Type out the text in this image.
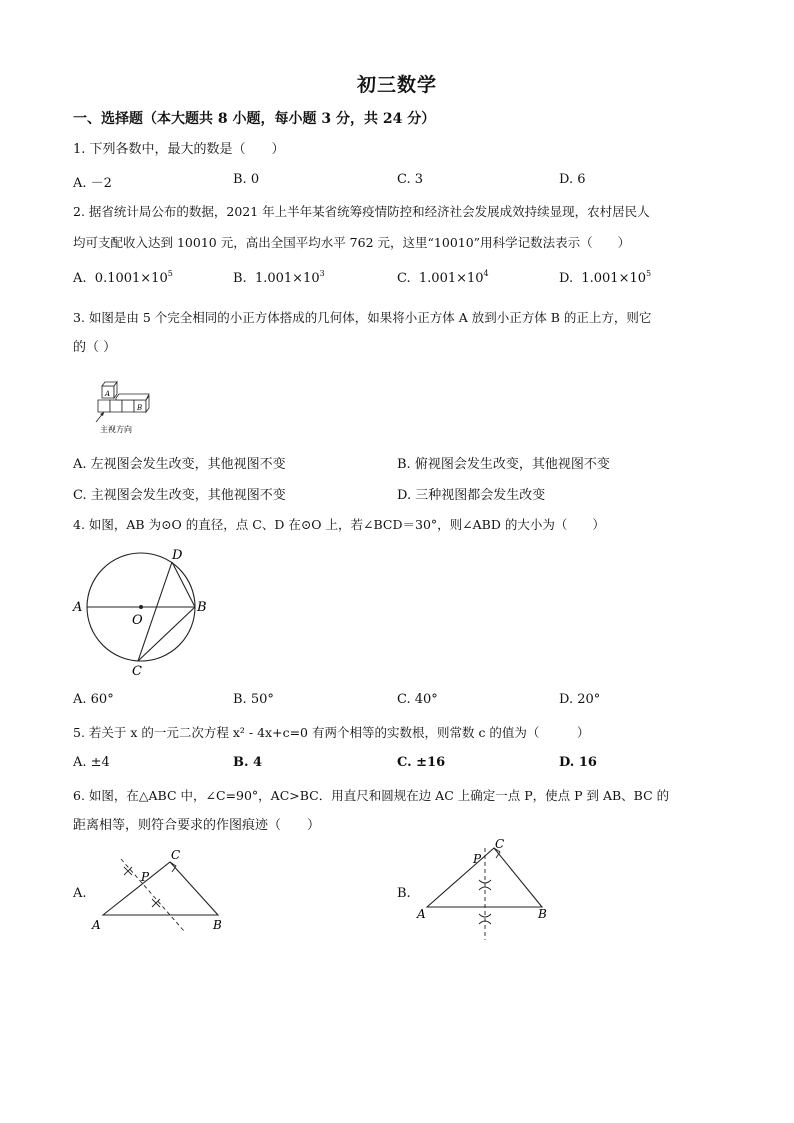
初三数学
一、选择题（本大题共 8 小题，每小题 3 分，共 24 分）
1. 下列各数中，最大的数是（　　）
A. －2	B. 0	C. 3	D. 6
2. 据省统计局公布的数据，2021 年上半年某省统筹疫情防控和经济社会发展成效持续显现，农村居民人
均可支配收入达到 10010 元，高出全国平均水平 762 元，这里“10010”用科学记数法表示（　　）
A. $0.1001\times 10^5$	B. $1.001\times 10^3$	C. $1.001\times 10^4$	D. $1.001\times 10^5$
3. 如图是由 5 个完全相同的小正方体搭成的几何体，如果将小正方体 A 放到小正方体 B 的正上方，则它
的（ ）
A
B
主视方向
A. 左视图会发生改变，其他视图不变	B. 俯视图会发生改变，其他视图不变
C. 主视图会发生改变，其他视图不变	D. 三种视图都会发生改变
4. 如图，AB 为⊙O 的直径，点 C、D 在⊙O 上，若∠BCD＝30°，则∠ABD 的大小为（　　）
A	B
C
D
O
A. 60°	B. 50°	C. 40°	D. 20°
5. 若关于 x 的一元二次方程 x² - 4x+c=0 有两个相等的实数根，则常数 c 的值为（　　　）
A. ±4	B. 4	C. ±16	D. 16
6. 如图，在△ABC 中，∠C=90°，AC>BC．用直尺和圆规在边 AC 上确定一点 P，使点 P 到 AB、BC 的
距离相等，则符合要求的作图痕迹（　　）
A.
A	B
C
P
B.
A	B
C
P
